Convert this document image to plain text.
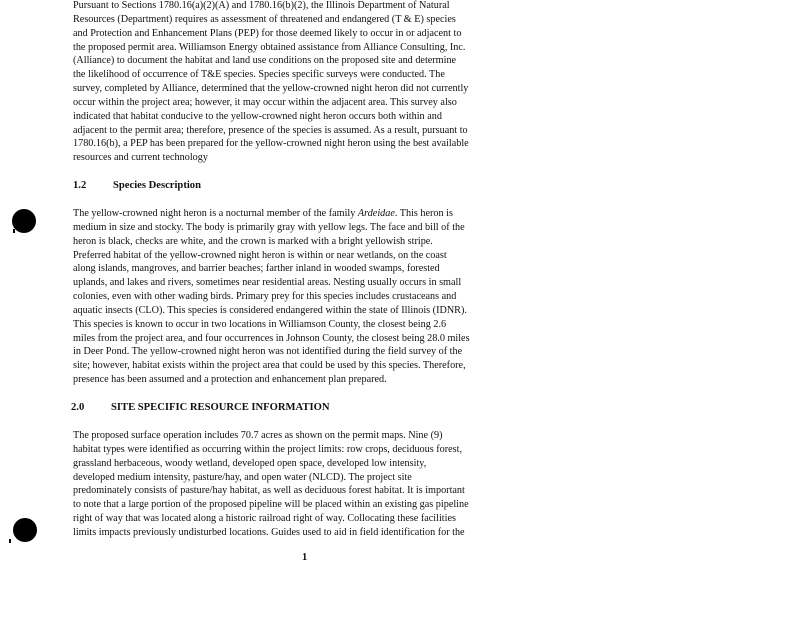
Pursuant to Sections 1780.16(a)(2)(A) and 1780.16(b)(2), the Illinois Department of Natural
Resources (Department) requires as assessment of threatened and endangered (T & E) species
and Protection and Enhancement Plans (PEP) for those deemed likely to occur in or adjacent to
the proposed permit area. Williamson Energy obtained assistance from Alliance Consulting, Inc.
(Alliance) to document the habitat and land use conditions on the proposed site and determine
the likelihood of occurrence of T&E species. Species specific surveys were conducted. The
survey, completed by Alliance, determined that the yellow-crowned night heron did not currently
occur within the project area; however, it may occur within the adjacent area. This survey also
indicated that habitat conducive to the yellow-crowned night heron occurs both within and
adjacent to the permit area; therefore, presence of the species is assumed. As a result, pursuant to
1780.16(b), a PEP has been prepared for the yellow-crowned night heron using the best available
resources and current technology

1.2	Species Description

The yellow-crowned night heron is a nocturnal member of the family Ardeidae. This heron is
medium in size and stocky. The body is primarily gray with yellow legs. The face and bill of the
heron is black, checks are white, and the crown is marked with a bright yellowish stripe.
Preferred habitat of the yellow-crowned night heron is within or near wetlands, on the coast
along islands, mangroves, and barrier beaches; farther inland in wooded swamps, forested
uplands, and lakes and rivers, sometimes near residential areas. Nesting usually occurs in small
colonies, even with other wading birds. Primary prey for this species includes crustaceans and
aquatic insects (CLO). This species is considered endangered within the state of Illinois (IDNR).
This species is known to occur in two locations in Williamson County, the closest being 2.6
miles from the project area, and four occurrences in Johnson County, the closest being 28.0 miles
in Deer Pond. The yellow-crowned night heron was not identified during the field survey of the
site; however, habitat exists within the project area that could be used by this species. Therefore,
presence has been assumed and a protection and enhancement plan prepared.

2.0	SITE SPECIFIC RESOURCE INFORMATION

The proposed surface operation includes 70.7 acres as shown on the permit maps. Nine (9)
habitat types were identified as occurring within the project limits: row crops, deciduous forest,
grassland herbaceous, woody wetland, developed open space, developed low intensity,
developed medium intensity, pasture/hay, and open water (NLCD). The project site
predominately consists of pasture/hay habitat, as well as deciduous forest habitat. It is important
to note that a large portion of the proposed pipeline will be placed within an existing gas pipeline
right of way that was located along a historic railroad right of way. Collocating these facilities
limits impacts previously undisturbed locations. Guides used to aid in field identification for the

1
